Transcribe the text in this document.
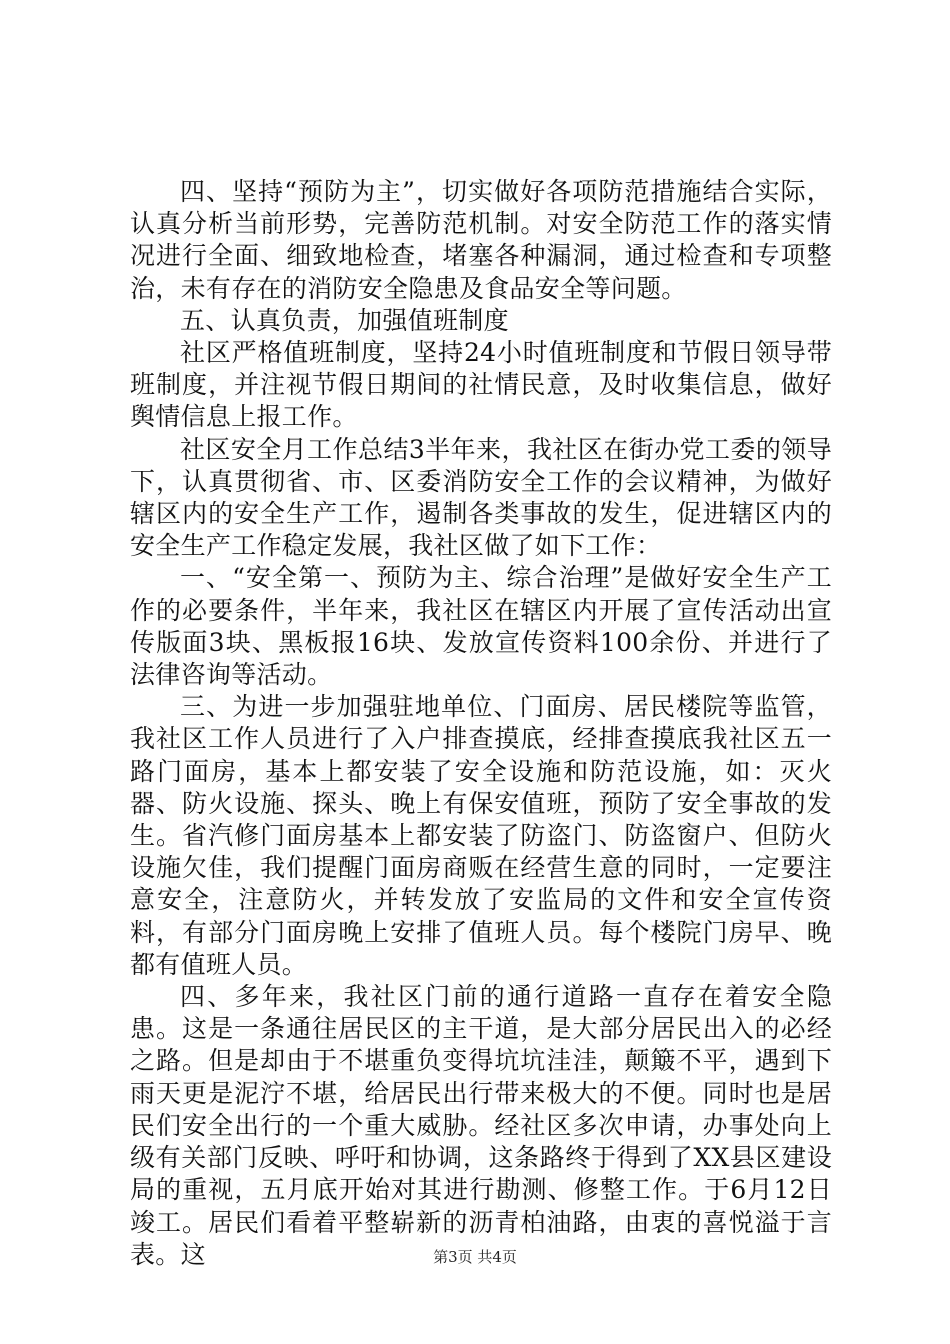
四、坚持“预防为主”，切实做好各项防范措施结合实际，认真分析当前形势，完善防范机制。对安全防范工作的落实情况进行全面、细致地检查，堵塞各种漏洞，通过检查和专项整治，未有存在的消防安全隐患及食品安全等问题。

五、认真负责，加强值班制度

社区严格值班制度，坚持24小时值班制度和节假日领导带班制度，并注视节假日期间的社情民意，及时收集信息，做好舆情信息上报工作。

社区安全月工作总结3半年来，我社区在街办党工委的领导下，认真贯彻省、市、区委消防安全工作的会议精神，为做好辖区内的安全生产工作，遏制各类事故的发生，促进辖区内的安全生产工作稳定发展，我社区做了如下工作：

一、“安全第一、预防为主、综合治理”是做好安全生产工作的必要条件，半年来，我社区在辖区内开展了宣传活动出宣传版面3块、黑板报16块、发放宣传资料100余份、并进行了法律咨询等活动。

三、为进一步加强驻地单位、门面房、居民楼院等监管，我社区工作人员进行了入户排查摸底，经排查摸底我社区五一路门面房，基本上都安装了安全设施和防范设施，如：灭火器、防火设施、探头、晚上有保安值班，预防了安全事故的发生。省汽修门面房基本上都安装了防盗门、防盗窗户、但防火设施欠佳，我们提醒门面房商贩在经营生意的同时，一定要注意安全，注意防火，并转发放了安监局的文件和安全宣传资料，有部分门面房晚上安排了值班人员。每个楼院门房早、晚都有值班人员。

四、多年来，我社区门前的通行道路一直存在着安全隐患。这是一条通往居民区的主干道，是大部分居民出入的必经之路。但是却由于不堪重负变得坑坑洼洼，颠簸不平，遇到下雨天更是泥泞不堪，给居民出行带来极大的不便。同时也是居民们安全出行的一个重大威胁。经社区多次申请，办事处向上级有关部门反映、呼吁和协调，这条路终于得到了XX县区建设局的重视，五月底开始对其进行勘测、修整工作。于6月12日竣工。居民们看着平整崭新的沥青柏油路，由衷的喜悦溢于言表。这	第3页 共4页
